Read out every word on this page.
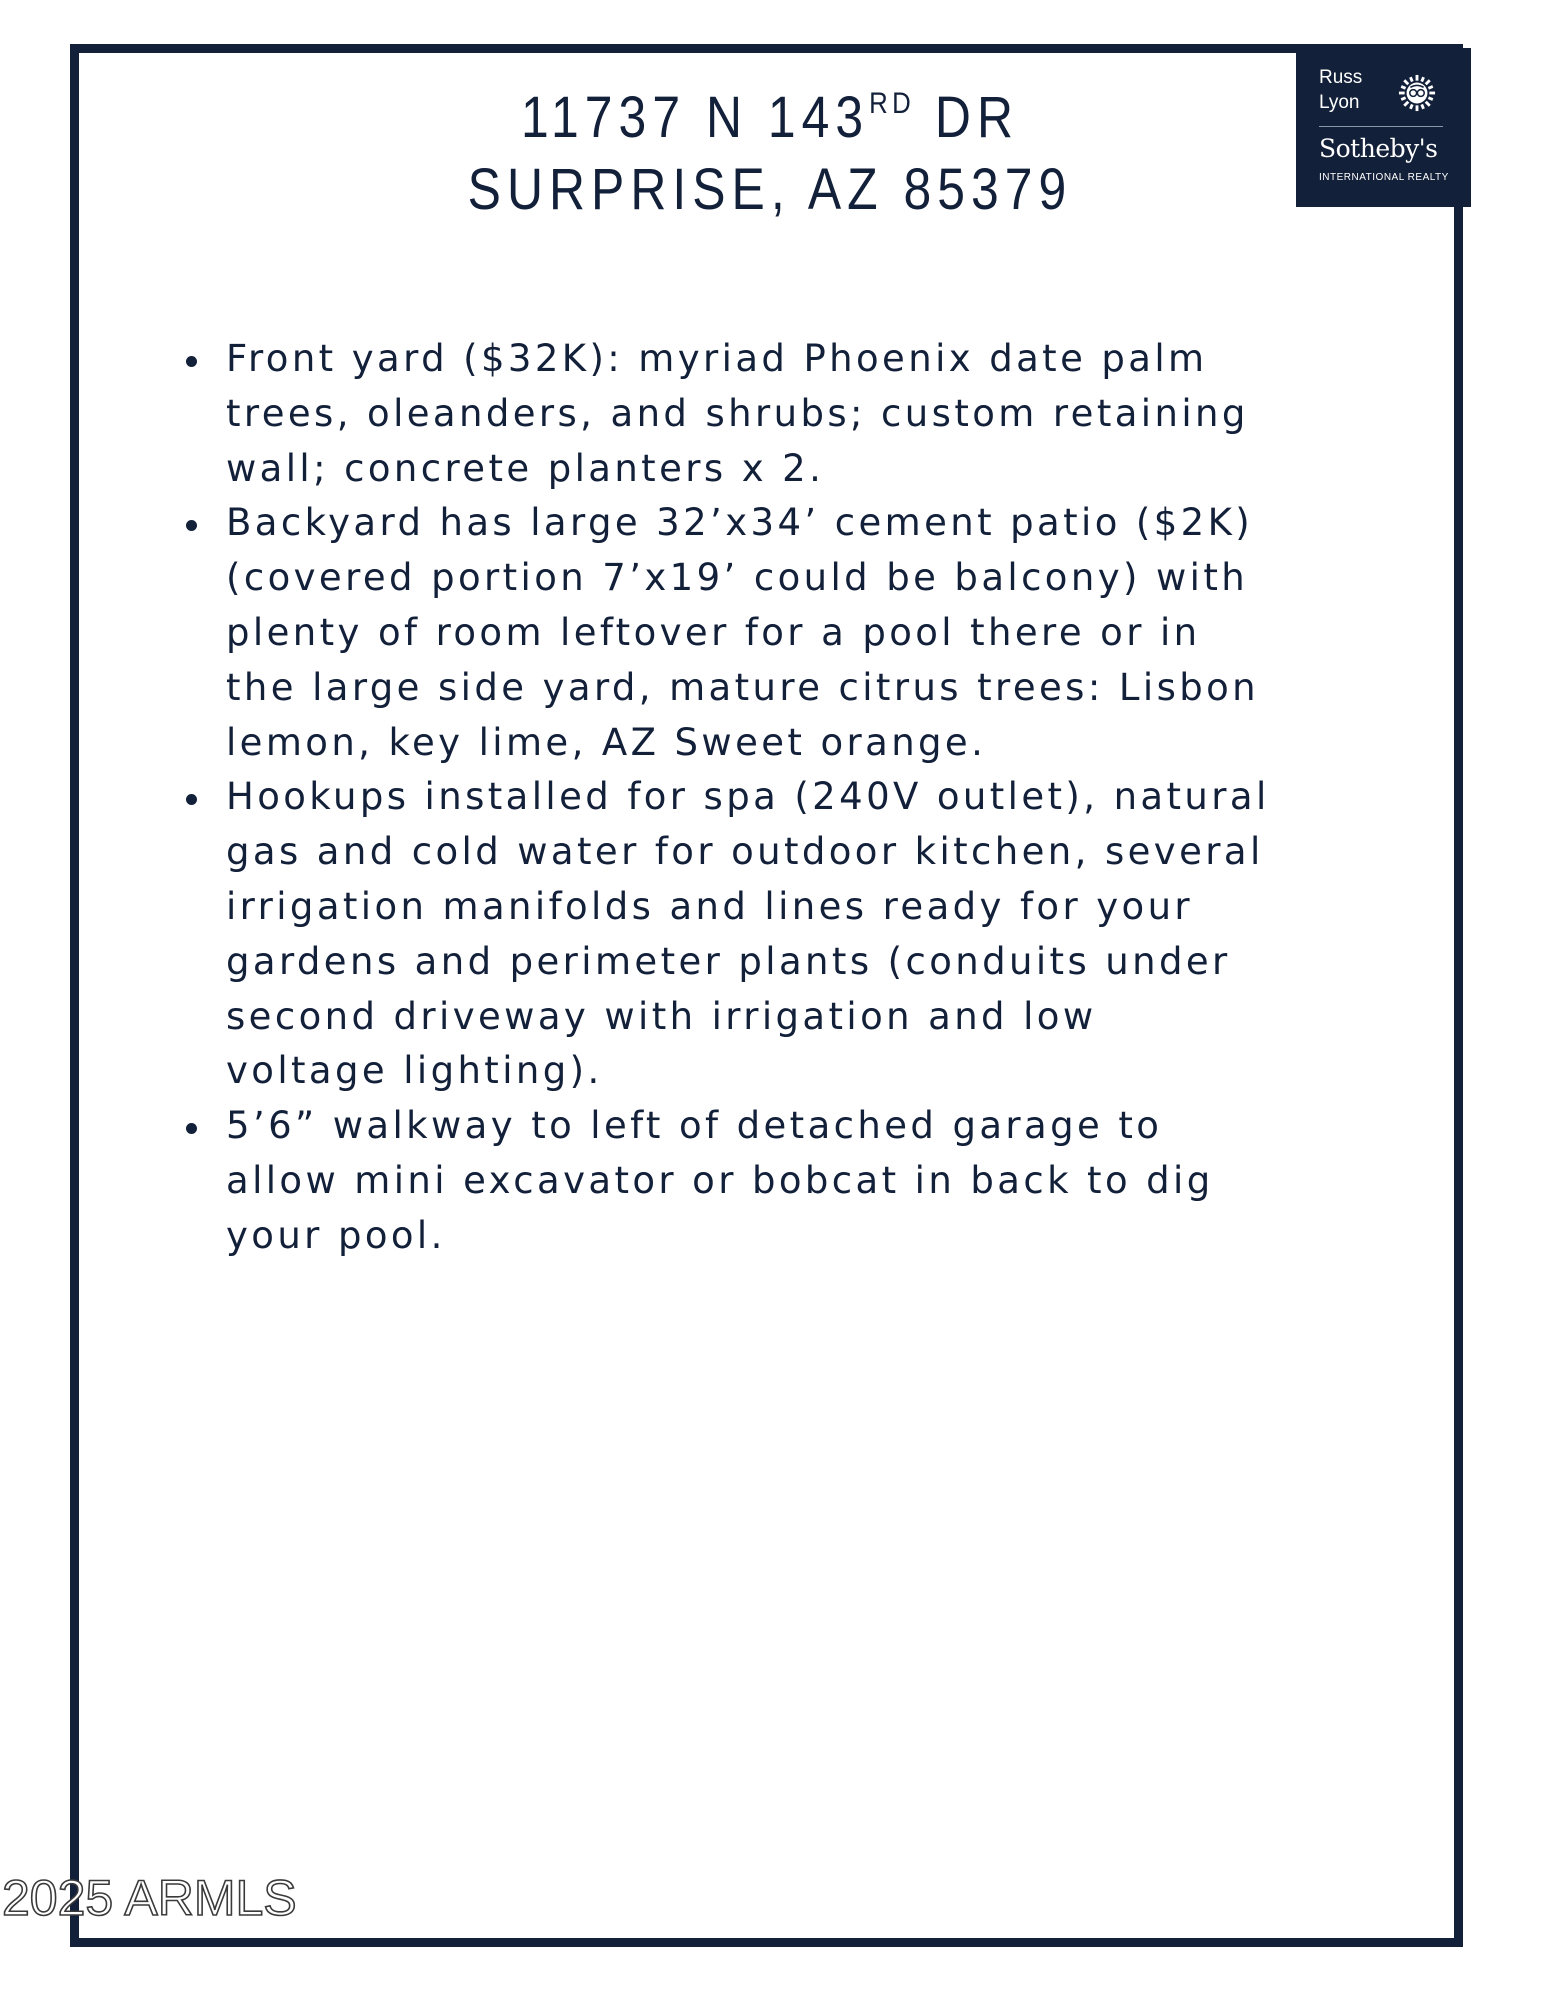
Russ
Lyon
Sotheby's
INTERNATIONAL REALTY
11737 N 143RD DR
SURPRISE, AZ 85379
Front yard ($32K): myriad Phoenix date palm
trees, oleanders, and shrubs; custom retaining
wall; concrete planters x 2.
Backyard has large 32’x34’ cement patio ($2K)
(covered portion 7’x19’ could be balcony) with
plenty of room leftover for a pool there or in
the large side yard, mature citrus trees: Lisbon
lemon, key lime, AZ Sweet orange.
Hookups installed for spa (240V outlet), natural
gas and cold water for outdoor kitchen, several
irrigation manifolds and lines ready for your
gardens and perimeter plants (conduits under
second driveway with irrigation and low
voltage lighting).
5’6” walkway to left of detached garage to
allow mini excavator or bobcat in back to dig
your pool.
2025 ARMLS
